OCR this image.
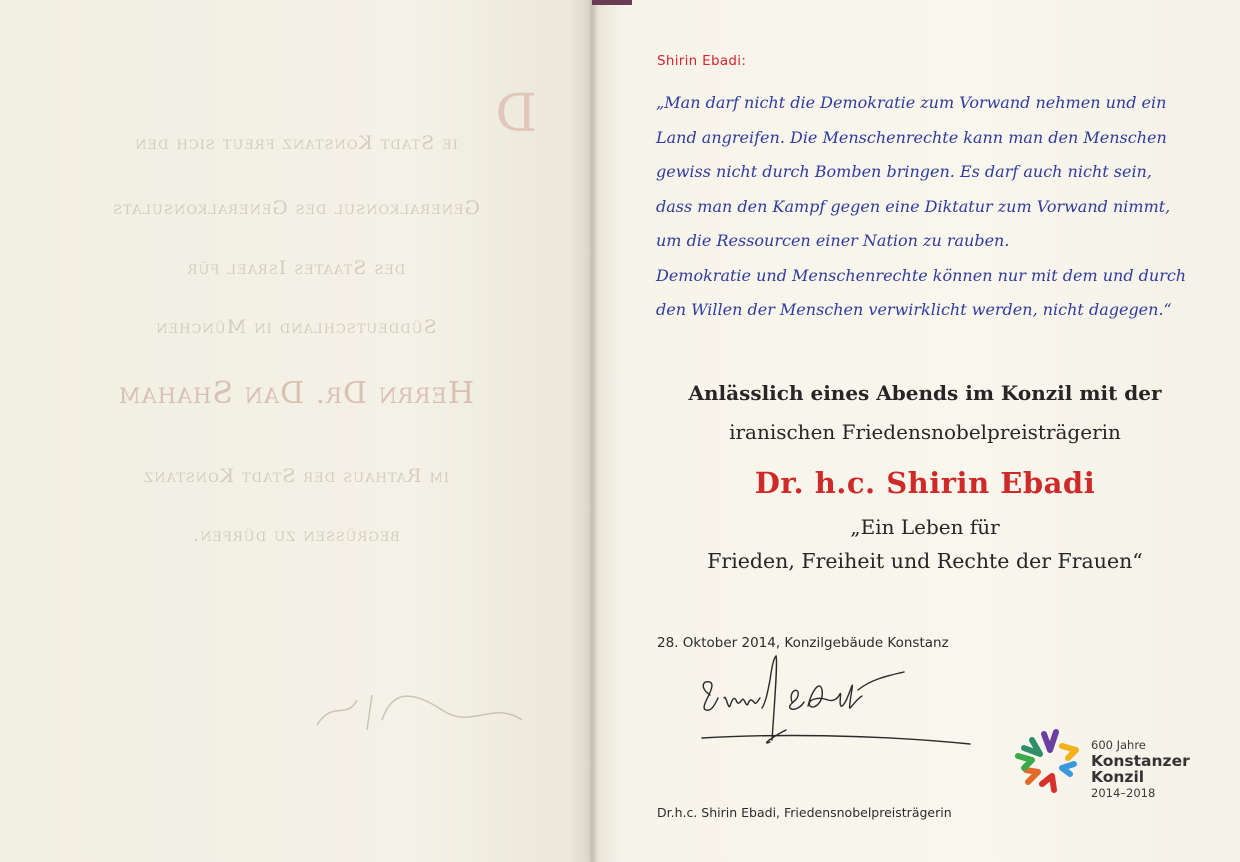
D
ie Stadt Konstanz freut sich den
Generalkonsul des Generalkonsulats
des Staates Israel für
Süddeutschland in München
Herrn Dr. Dan Shaham
im Rathaus der Stadt Konstanz
begrüssen zu dürfen.
Shirin Ebadi:
„Man darf nicht die Demokratie zum Vorwand nehmen und ein
Land angreifen. Die Menschenrechte kann man den Menschen
gewiss nicht durch Bomben bringen. Es darf auch nicht sein,
dass man den Kampf gegen eine Diktatur zum Vorwand nimmt,
um die Ressourcen einer Nation zu rauben.
Demokratie und Menschenrechte können nur mit dem und durch
den Willen der Menschen verwirklicht werden, nicht dagegen.“
Anlässlich eines Abends im Konzil mit der
iranischen Friedensnobelpreisträgerin
Dr. h.c. Shirin Ebadi
„Ein Leben für
Frieden, Freiheit und Rechte der Frauen“
28. Oktober 2014, Konzilgebäude Konstanz
Dr.h.c. Shirin Ebadi, Friedensnobelpreisträgerin
600 Jahre
Konstanzer
Konzil
2014–2018
